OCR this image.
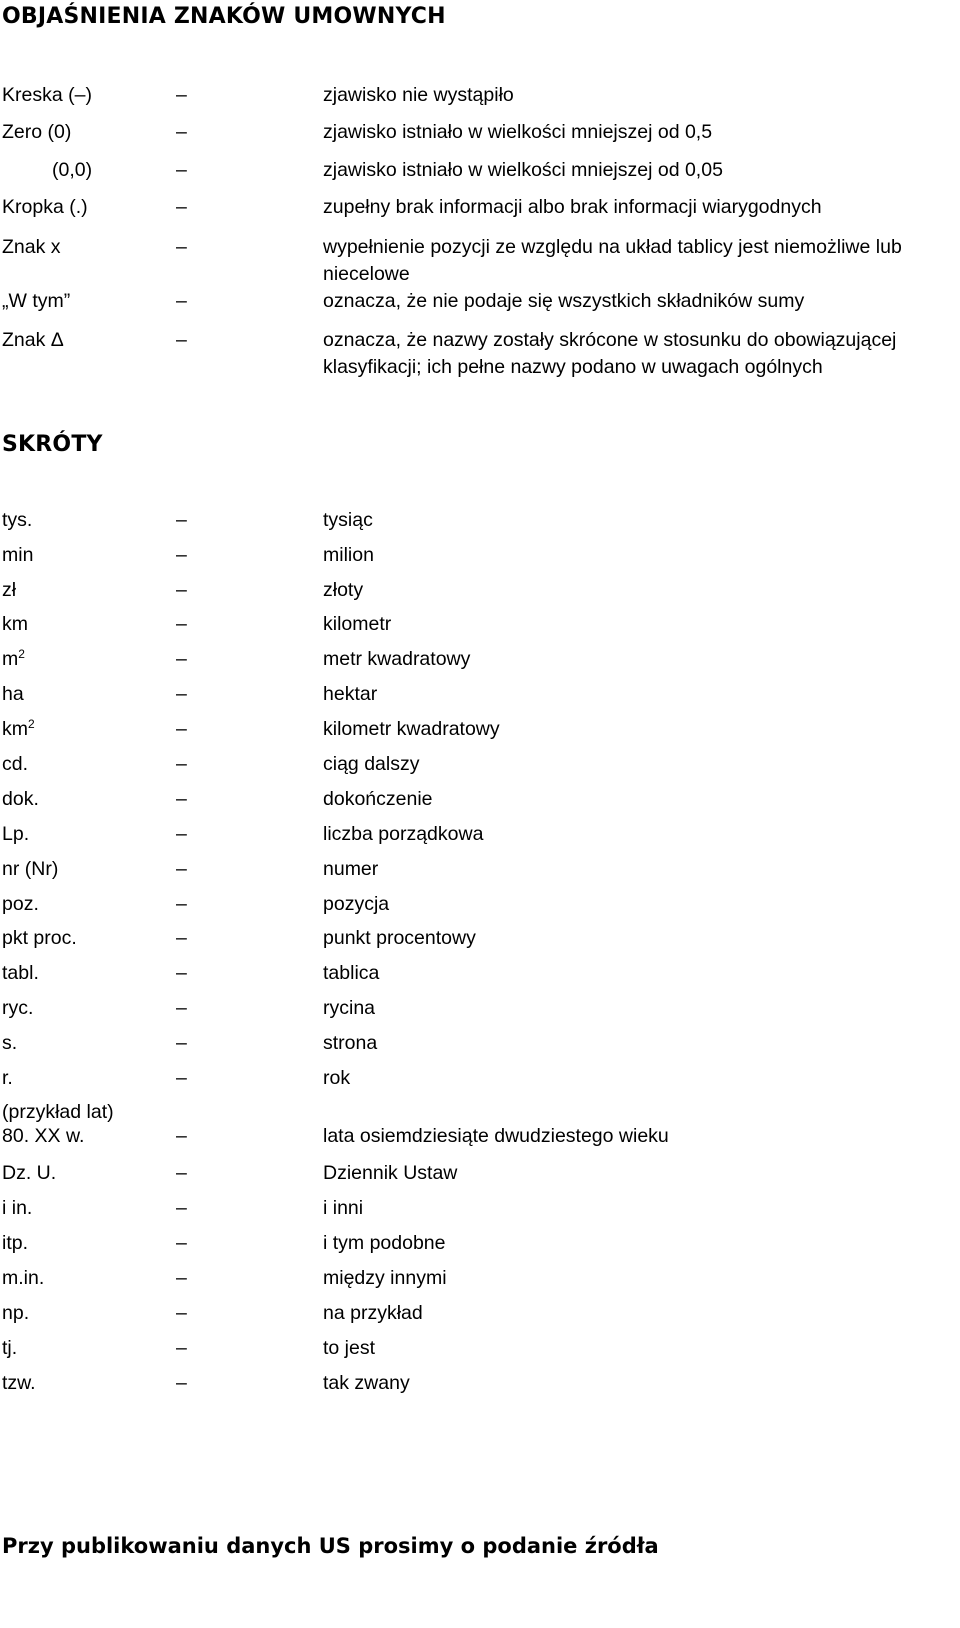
OBJAŚNIENIA ZNAKÓW UMOWNYCH
Kreska (–)	–	zjawisko nie wystąpiło
Zero (0)	–	zjawisko istniało w wielkości mniejszej od 0,5
(0,0)	–	zjawisko istniało w wielkości mniejszej od 0,05
Kropka (.)	–	zupełny brak informacji albo brak informacji wiarygodnych
Znak x	–	wypełnienie pozycji ze względu na układ tablicy jest niemożliwe lub niecelowe
„W tym”	–	oznacza, że nie podaje się wszystkich składników sumy
Znak Δ	–	oznacza, że nazwy zostały skrócone w stosunku do obowiązującej klasyfikacji; ich pełne nazwy podano w uwagach ogólnych
SKRÓTY
tys.	–	tysiąc
min	–	milion
zł	–	złoty
km	–	kilometr
$m^2$	–	metr kwadratowy
ha	–	hektar
$km^2$	–	kilometr kwadratowy
cd.	–	ciąg dalszy
dok.	–	dokończenie
Lp.	–	liczba porządkowa
nr (Nr)	–	numer
poz.	–	pozycja
pkt proc.	–	punkt procentowy
tabl.	–	tablica
ryc.	–	rycina
s.	–	strona
r.	–	rok
(przykład lat)
80. XX w.	–	lata osiemdziesiąte dwudziestego wieku
Dz. U.	–	Dziennik Ustaw
i in.	–	i inni
itp.	–	i tym podobne
m.in.	–	między innymi
np.	–	na przykład
tj.	–	to jest
tzw.	–	tak zwany

Przy publikowaniu danych US prosimy o podanie źródła
